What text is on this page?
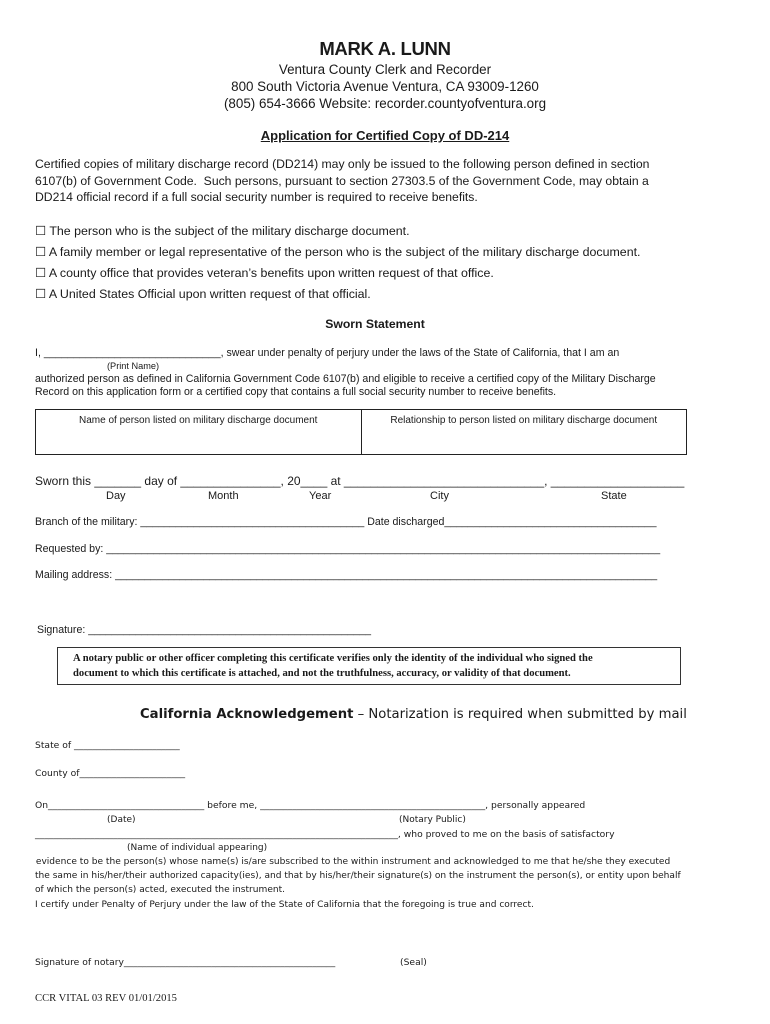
MARK A. LUNN
Ventura County Clerk and Recorder
800 South Victoria Avenue Ventura, CA 93009-1260
(805) 654-3666 Website: recorder.countyofventura.org
Application for Certified Copy of DD-214
Certified copies of military discharge record (DD214) may only be issued to the following person defined in section
6107(b) of Government Code.  Such persons, pursuant to section 27303.5 of the Government Code, may obtain a
DD214 official record if a full social security number is required to receive benefits.
☐ The person who is the subject of the military discharge document.
☐ A family member or legal representative of the person who is the subject of the military discharge document.
☐ A county office that provides veteran’s benefits upon written request of that office.
☐ A United States Official upon written request of that official.
Sworn Statement
I, ______________________________, swear under penalty of perjury under the laws of the State of California, that I am an
(Print Name)
authorized person as defined in California Government Code 6107(b) and eligible to receive a certified copy of the Military Discharge
Record on this application form or a certified copy that contains a full social security number to receive benefits.
Name of person listed on military discharge document	Relationship to person listed on military discharge document
Sworn this _______ day of _______________, 20____ at ______________________________, ____________________
Day	Month	Year	City	State
Branch of the military: ______________________________________ Date discharged____________________________________
Requested by: ______________________________________________________________________________________________
Mailing address: ____________________________________________________________________________________________
Signature: ________________________________________________
A notary public or other officer completing this certificate verifies only the identity of the individual who signed the
document to which this certificate is attached, and not the truthfulness, accuracy, or validity of that document.
California Acknowledgement – Notarization is required when submitted by mail
State of _______________________
County of_______________________
On__________________________________ before me, _________________________________________________, personally appeared
(Date)	(Notary Public)
_______________________________________________________________________________, who proved to me on the basis of satisfactory
(Name of individual appearing)
evidence to be the person(s) whose name(s) is/are subscribed to the within instrument and acknowledged to me that he/she they executed
the same in his/her/their authorized capacity(ies), and that by his/her/their signature(s) on the instrument the person(s), or entity upon behalf
of which the person(s) acted, executed the instrument.
I certify under Penalty of Perjury under the law of the State of California that the foregoing is true and correct.
Signature of notary______________________________________________	(Seal)
CCR VITAL 03 REV 01/01/2015
